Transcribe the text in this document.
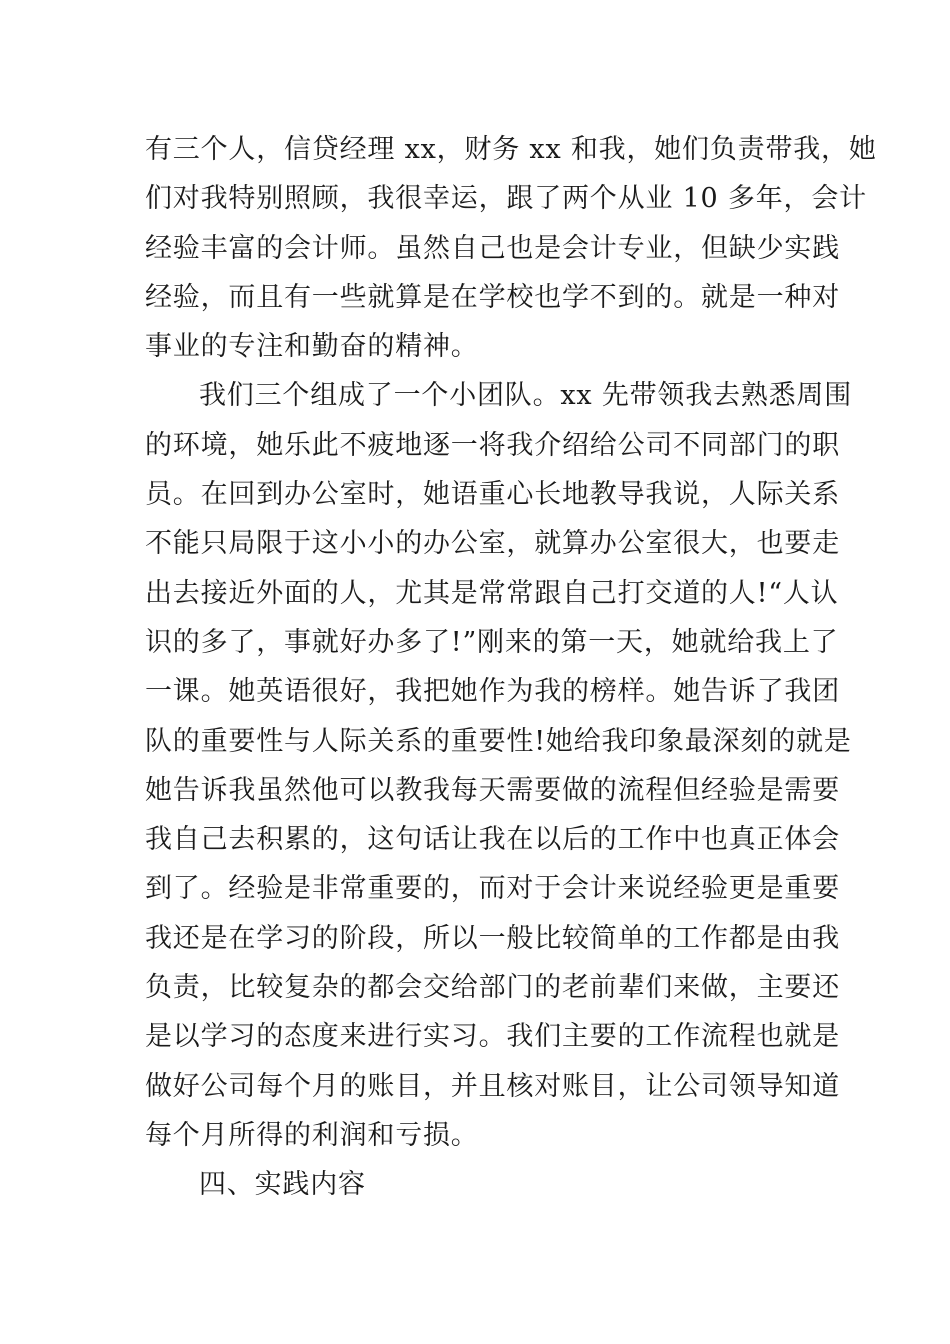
有三个人，信贷经理 xx，财务 xx 和我，她们负责带我，她
们对我特别照顾，我很幸运，跟了两个从业 10 多年，会计
经验丰富的会计师。虽然自己也是会计专业，但缺少实践
经验，而且有一些就算是在学校也学不到的。就是一种对
事业的专注和勤奋的精神。
我们三个组成了一个小团队。xx 先带领我去熟悉周围
的环境，她乐此不疲地逐一将我介绍给公司不同部门的职
员。在回到办公室时，她语重心长地教导我说，人际关系
不能只局限于这小小的办公室，就算办公室很大，也要走
出去接近外面的人，尤其是常常跟自己打交道的人!“人认
识的多了，事就好办多了!”刚来的第一天，她就给我上了
一课。她英语很好，我把她作为我的榜样。她告诉了我团
队的重要性与人际关系的重要性!她给我印象最深刻的就是
她告诉我虽然他可以教我每天需要做的流程但经验是需要
我自己去积累的，这句话让我在以后的工作中也真正体会
到了。经验是非常重要的，而对于会计来说经验更是重要
我还是在学习的阶段，所以一般比较简单的工作都是由我
负责，比较复杂的都会交给部门的老前辈们来做，主要还
是以学习的态度来进行实习。我们主要的工作流程也就是
做好公司每个月的账目，并且核对账目，让公司领导知道
每个月所得的利润和亏损。
四、实践内容
